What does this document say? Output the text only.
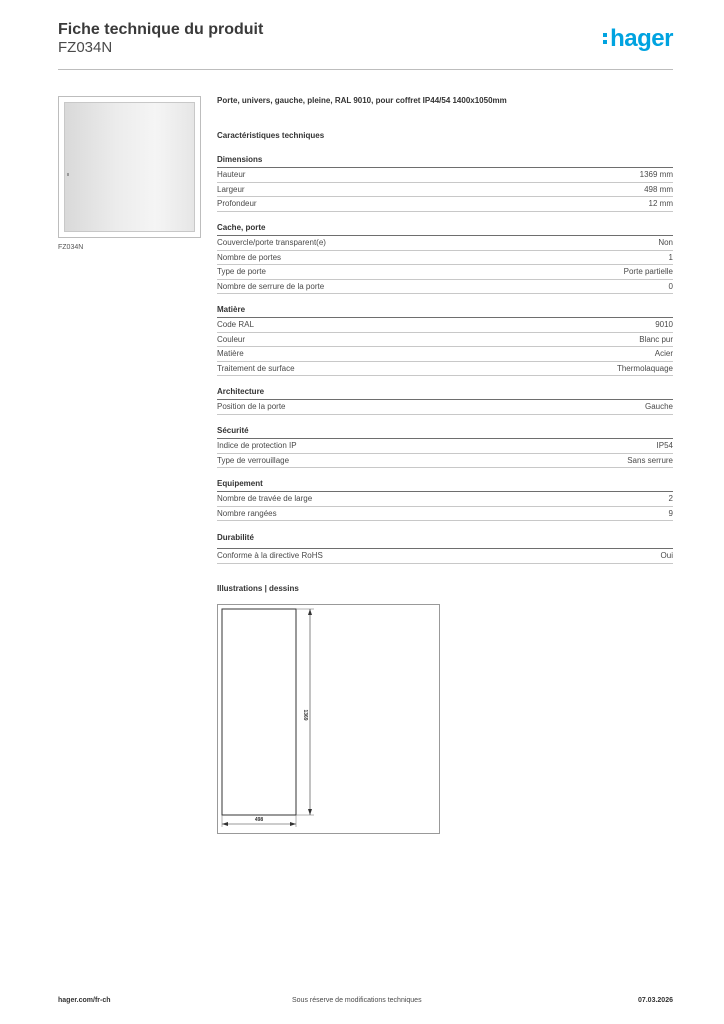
Fiche technique du produit
FZ034N	hager
FZ034N
Porte, univers, gauche, pleine, RAL 9010, pour coffret IP44/54 1400x1050mm
Caractéristiques techniques
Dimensions
Hauteur	1369 mm
Largeur	498 mm
Profondeur	12 mm
Cache, porte
Couvercle/porte transparent(e)	Non
Nombre de portes	1
Type de porte	Porte partielle
Nombre de serrure de la porte	0
Matière
Code RAL	9010
Couleur	Blanc pur
Matière	Acier
Traitement de surface	Thermolaquage
Architecture
Position de la porte	Gauche
Sécurité
Indice de protection IP	IP54
Type de verrouillage	Sans serrure
Equipement
Nombre de travée de large	2
Nombre rangées	9
Durabilité
Conforme à la directive RoHS	Oui
Illustrations | dessins
1369
498
hager.com/fr-ch	Sous réserve de modifications techniques	07.03.2026
